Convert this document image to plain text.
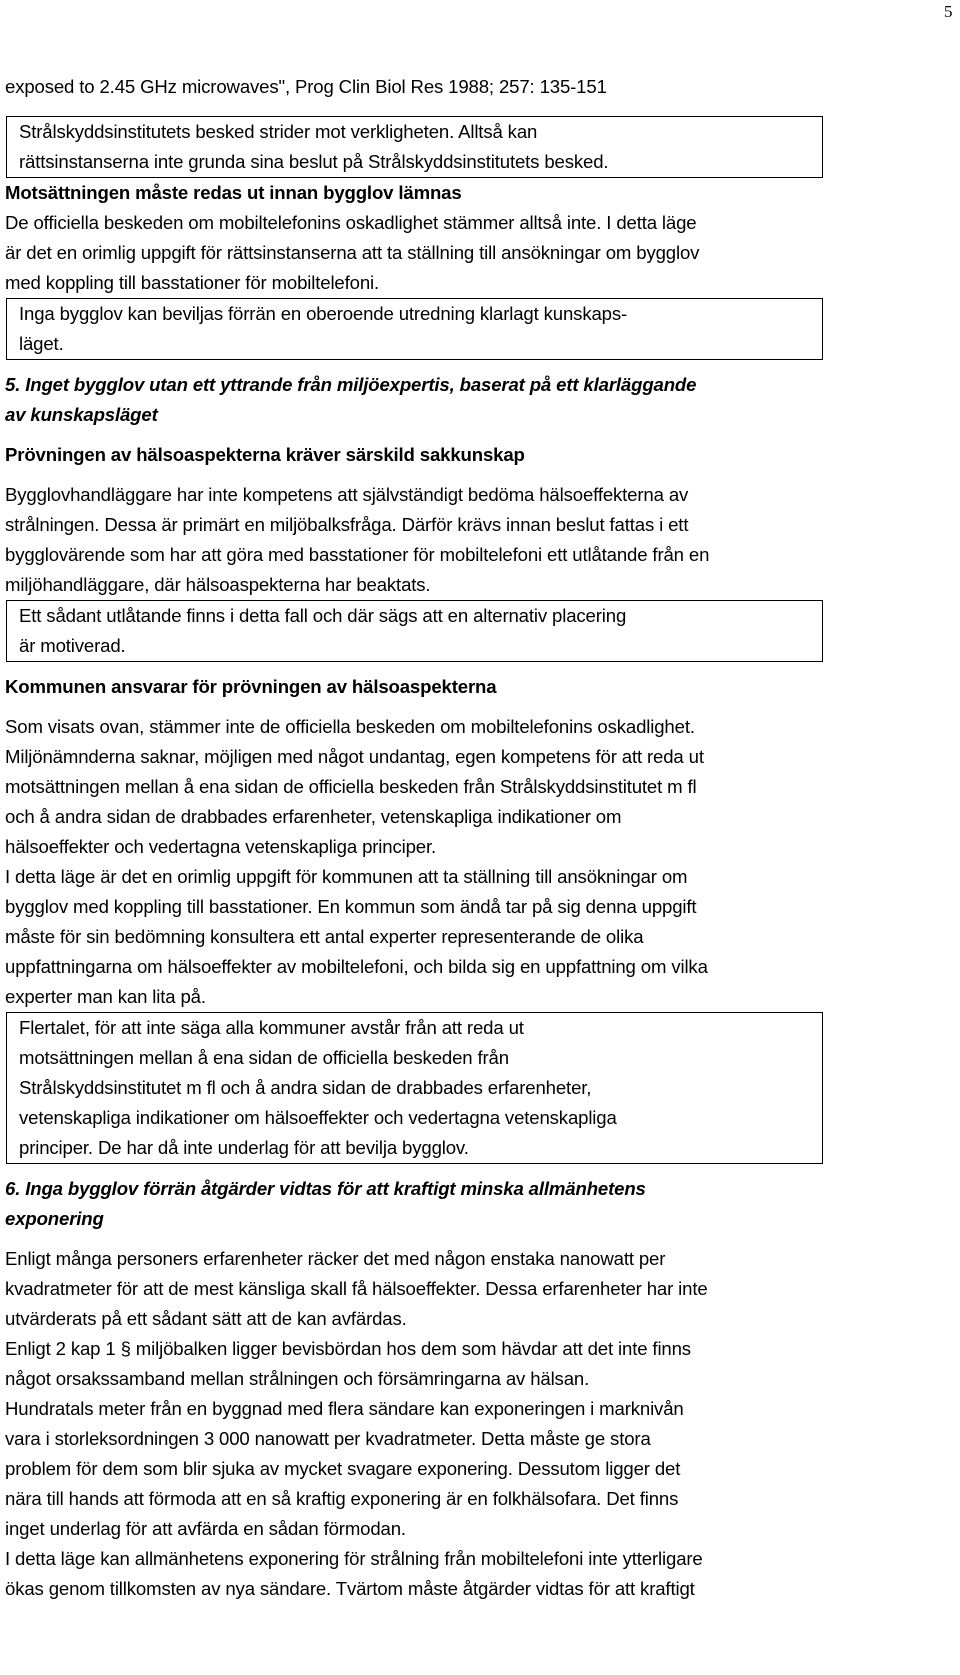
5
exposed to 2.45 GHz microwaves", Prog Clin Biol Res 1988; 257: 135-151
Strålskyddsinstitutets besked strider mot verkligheten. Alltså kan
rättsinstanserna inte grunda sina beslut på Strålskyddsinstitutets besked.
Motsättningen måste redas ut innan bygglov lämnas
De officiella beskeden om mobiltelefonins oskadlighet stämmer alltså inte. I detta läge
är det en orimlig uppgift för rättsinstanserna att ta ställning till ansökningar om bygglov
med koppling till basstationer för mobiltelefoni.
Inga bygglov kan beviljas förrän en oberoende utredning klarlagt kunskaps-
läget.
5. Inget bygglov utan ett yttrande från miljöexpertis, baserat på ett klarläggande
av kunskapsläget
Prövningen av hälsoaspekterna kräver särskild sakkunskap
Bygglovhandläggare har inte kompetens att självständigt bedöma hälsoeffekterna av
strålningen. Dessa är primärt en miljöbalksfråga. Därför krävs innan beslut fattas i ett
bygglovärende som har att göra med basstationer för mobiltelefoni ett utlåtande från en
miljöhandläggare, där hälsoaspekterna har beaktats.
Ett sådant utlåtande finns i detta fall och där sägs att en alternativ placering
är motiverad.
Kommunen ansvarar för prövningen av hälsoaspekterna
Som visats ovan, stämmer inte de officiella beskeden om mobiltelefonins oskadlighet.
Miljönämnderna saknar, möjligen med något undantag, egen kompetens för att reda ut
motsättningen mellan å ena sidan de officiella beskeden från Strålskyddsinstitutet m fl
och å andra sidan de drabbades erfarenheter, vetenskapliga indikationer om
hälsoeffekter och vedertagna vetenskapliga principer.
I detta läge är det en orimlig uppgift för kommunen att ta ställning till ansökningar om
bygglov med koppling till basstationer. En kommun som ändå tar på sig denna uppgift
måste för sin bedömning konsultera ett antal experter representerande de olika
uppfattningarna om hälsoeffekter av mobiltelefoni, och bilda sig en uppfattning om vilka
experter man kan lita på.
Flertalet, för att inte säga alla kommuner avstår från att reda ut
motsättningen mellan å ena sidan de officiella beskeden från
Strålskyddsinstitutet m fl och å andra sidan de drabbades erfarenheter,
vetenskapliga indikationer om hälsoeffekter och vedertagna vetenskapliga
principer. De har då inte underlag för att bevilja bygglov.
6. Inga bygglov förrän åtgärder vidtas för att kraftigt minska allmänhetens
exponering
Enligt många personers erfarenheter räcker det med någon enstaka nanowatt per
kvadratmeter för att de mest känsliga skall få hälsoeffekter. Dessa erfarenheter har inte
utvärderats på ett sådant sätt att de kan avfärdas.
Enligt 2 kap 1 § miljöbalken ligger bevisbördan hos dem som hävdar att det inte finns
något orsakssamband mellan strålningen och försämringarna av hälsan.
Hundratals meter från en byggnad med flera sändare kan exponeringen i marknivån
vara i storleksordningen 3 000 nanowatt per kvadratmeter. Detta måste ge stora
problem för dem som blir sjuka av mycket svagare exponering. Dessutom ligger det
nära till hands att förmoda att en så kraftig exponering är en folkhälsofara. Det finns
inget underlag för att avfärda en sådan förmodan.
I detta läge kan allmänhetens exponering för strålning från mobiltelefoni inte ytterligare
ökas genom tillkomsten av nya sändare. Tvärtom måste åtgärder vidtas för att kraftigt
